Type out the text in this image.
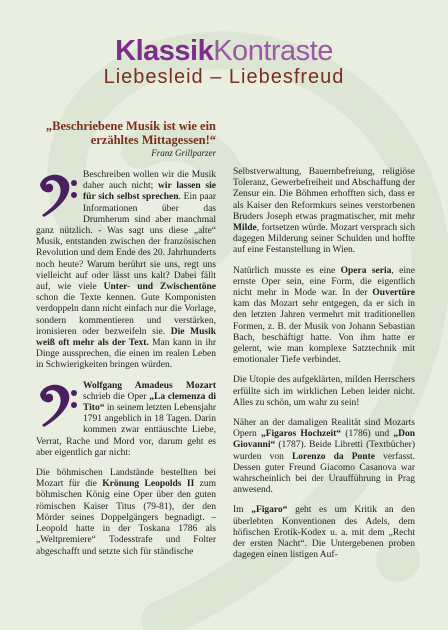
KlassikKontraste
Liebesleid – Liebesfreud
„Beschriebene Musik ist wie ein erzähltes Mittagessen!“
Franz Grillparzer

Beschreiben wollen wir die Musik daher auch nicht; wir lassen sie für sich selbst sprechen. Ein paar Informationen über das Drumherum sind aber manchmal ganz nützlich. - Was sagt uns diese „alte“ Musik, entstanden zwischen der französischen Revolution und dem Ende des 20. Jahrhunderts noch heute? Warum berührt sie uns, regt uns vielleicht auf oder lässt uns kalt? Dabei fällt auf, wie viele Unter- und Zwischentöne schon die Texte kennen. Gute Komponisten verdoppeln dann nicht einfach nur die Vorlage, sondern kommentieren und verstärken, ironisieren oder bezweifeln sie. Die Musik weiß oft mehr als der Text. Man kann in ihr Dinge aussprechen, die einen im realen Leben in Schwierigkeiten bringen würden.

Wolfgang Amadeus Mozart schrieb die Oper „La clemenza di Tito“ in seinem letzten Lebensjahr 1791 angeblich in 18 Tagen. Darin kommen zwar enttäuschte Liebe, Verrat, Rache und Mord vor, darum geht es aber eigentlich gar nicht:

Die böhmischen Landstände bestellten bei Mozart für die Krönung Leopolds II zum böhmischen König eine Oper über den guten römischen Kaiser Titus (79-81), der den Mörder seines Doppelgängers begnadigt. – Leopold hatte in der Toskana 1786 als „Weltpremiere“ Todesstrafe und Folter abgeschafft und setzte sich für ständische

Selbstverwaltung, Bauernbefreiung, religiöse Toleranz, Gewerbefreiheit und Abschaffung der Zensur ein. Die Böhmen erhofften sich, dass er als Kaiser den Reformkurs seines verstorbenen Bruders Joseph etwas pragmatischer, mit mehr Milde, fortsetzen würde. Mozart versprach sich dagegen Milderung seiner Schulden und hoffte auf eine Festanstellung in Wien.

Natürlich musste es eine Opera seria, eine ernste Oper sein, eine Form, die eigentlich nicht mehr in Mode war. In der Ouvertüre kam das Mozart sehr entgegen, da er sich in den letzten Jahren vermehrt mit traditionellen Formen, z. B. der Musik von Johann Sebastian Bach, beschäftigt hatte. Von ihm hatte er gelernt, wie man komplexe Satztechnik mit emotionaler Tiefe verbindet.

Die Utopie des aufgeklärten, milden Herrschers erfüllte sich im wirklichen Leben leider nicht. Alles zu schön, um wahr zu sein!

Näher an der damaligen Realität sind Mozarts Opern „Figaros Hochzeit“ (1786) und „Don Giovanni“ (1787). Beide Libretti (Textbücher) wurden von Lorenzo da Ponte verfasst. Dessen guter Freund Giacomo Casanova war wahrscheinlich bei der Uraufführung in Prag anwesend.

Im „Figaro“ geht es um Kritik an den überlebten Konventionen des Adels, dem höfischen Erotik-Kodex u. a. mit dem „Recht der ersten Nacht“. Die Untergebenen proben dagegen einen listigen Auf-
